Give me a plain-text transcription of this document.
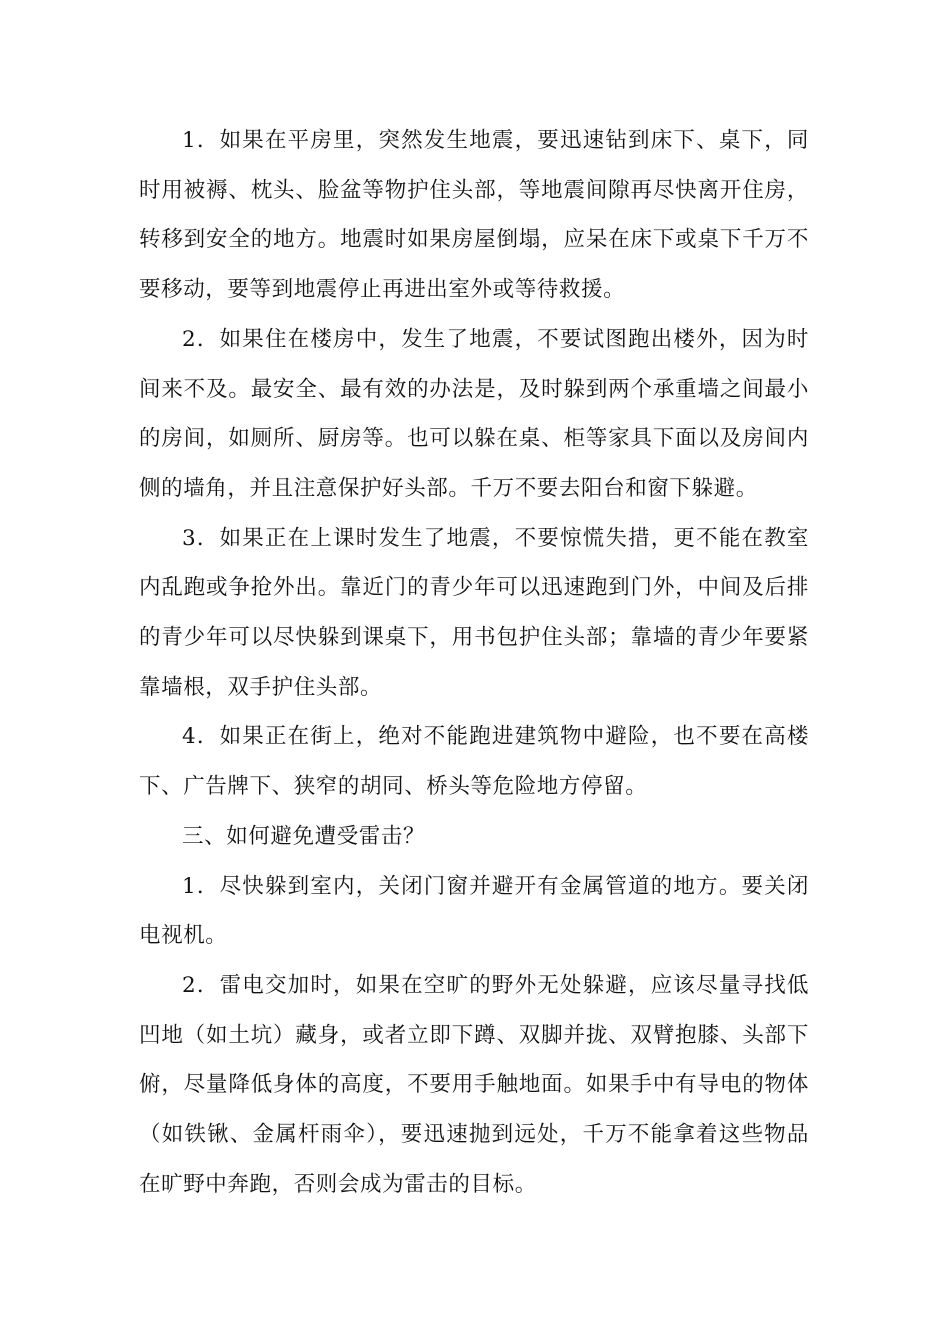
1．如果在平房里，突然发生地震，要迅速钻到床下、桌下，同时用被褥、枕头、脸盆等物护住头部，等地震间隙再尽快离开住房，转移到安全的地方。地震时如果房屋倒塌，应呆在床下或桌下千万不要移动，要等到地震停止再进出室外或等待救援。

2．如果住在楼房中，发生了地震，不要试图跑出楼外，因为时间来不及。最安全、最有效的办法是，及时躲到两个承重墙之间最小的房间，如厕所、厨房等。也可以躲在桌、柜等家具下面以及房间内侧的墙角，并且注意保护好头部。千万不要去阳台和窗下躲避。

3．如果正在上课时发生了地震，不要惊慌失措，更不能在教室内乱跑或争抢外出。靠近门的青少年可以迅速跑到门外，中间及后排的青少年可以尽快躲到课桌下，用书包护住头部；靠墙的青少年要紧靠墙根，双手护住头部。

4．如果正在街上，绝对不能跑进建筑物中避险，也不要在高楼下、广告牌下、狭窄的胡同、桥头等危险地方停留。

三、如何避免遭受雷击？

1．尽快躲到室内，关闭门窗并避开有金属管道的地方。要关闭电视机。

2．雷电交加时，如果在空旷的野外无处躲避，应该尽量寻找低凹地（如土坑）藏身，或者立即下蹲、双脚并拢、双臂抱膝、头部下俯，尽量降低身体的高度，不要用手触地面。如果手中有导电的物体（如铁锹、金属杆雨伞），要迅速抛到远处，千万不能拿着这些物品在旷野中奔跑，否则会成为雷击的目标。
